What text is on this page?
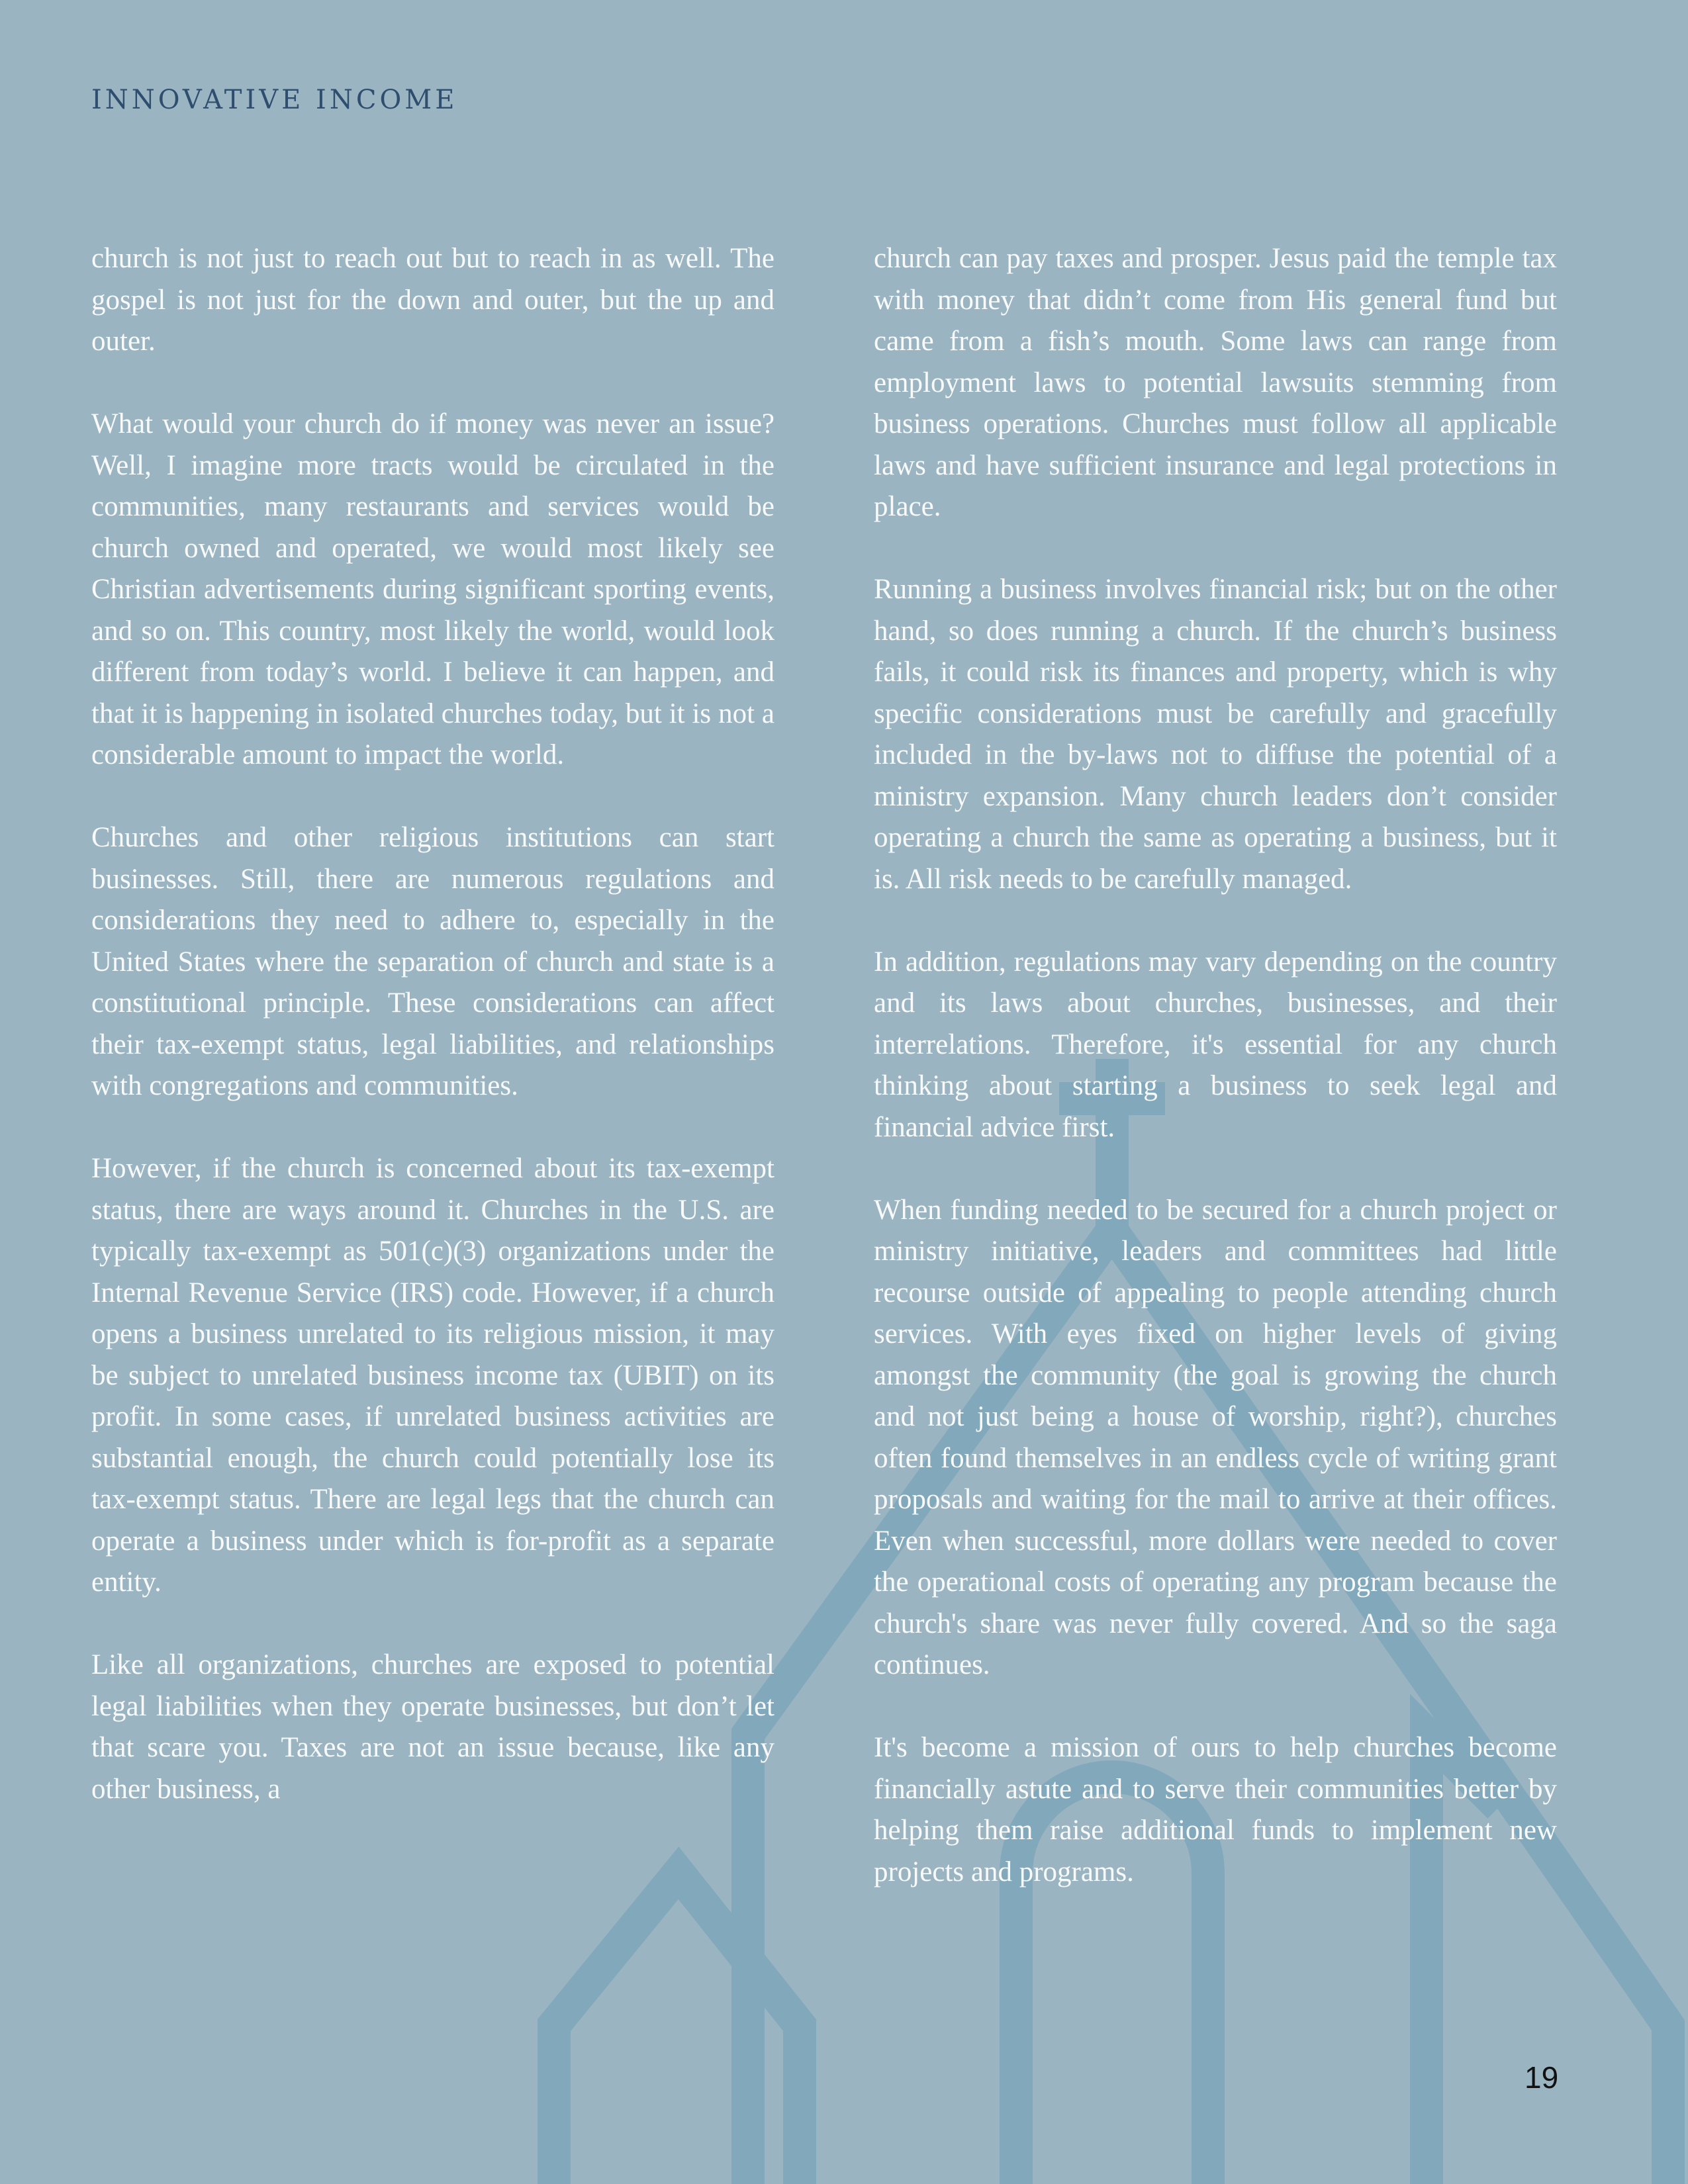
INNOVATIVE INCOME

church is not just to reach out but to reach in as well. The gospel is not just for the down and outer, but the up and outer.

What would your church do if money was never an issue? Well, I imagine more tracts would be circulated in the communities, many restaurants and services would be church owned and operated, we would most likely see Christian advertisements during significant sporting events, and so on. This country, most likely the world, would look different from today’s world. I believe it can happen, and that it is happening in isolated churches today, but it is not a considerable amount to impact the world.

Churches and other religious institutions can start businesses. Still, there are numerous regulations and considerations they need to adhere to, especially in the United States where the separation of church and state is a constitutional principle. These considerations can affect their tax-exempt status, legal liabilities, and relationships with congregations and communities.

However, if the church is concerned about its tax-exempt status, there are ways around it. Churches in the U.S. are typically tax-exempt as 501(c)(3) organizations under the Internal Revenue Service (IRS) code. However, if a church opens a business unrelated to its religious mission, it may be subject to unrelated business income tax (UBIT) on its profit. In some cases, if unrelated business activities are substantial enough, the church could potentially lose its tax-exempt status. There are legal legs that the church can operate a business under which is for-profit as a separate entity.

Like all organizations, churches are exposed to potential legal liabilities when they operate businesses, but don’t let that scare you. Taxes are not an issue because, like any other business, a

church can pay taxes and prosper. Jesus paid the temple tax with money that didn’t come from His general fund but came from a fish’s mouth. Some laws can range from employment laws to potential lawsuits stemming from business operations. Churches must follow all applicable laws and have sufficient insurance and legal protections in place.

Running a business involves financial risk; but on the other hand, so does running a church. If the church’s business fails, it could risk its finances and property, which is why specific considerations must be carefully and gracefully included in the by-laws not to diffuse the potential of a ministry expansion. Many church leaders don’t consider operating a church the same as operating a business, but it is. All risk needs to be carefully managed.

In addition, regulations may vary depending on the country and its laws about churches, businesses, and their interrelations. Therefore, it's essential for any church thinking about starting a business to seek legal and financial advice first.

When funding needed to be secured for a church project or ministry initiative, leaders and committees had little recourse outside of appealing to people attending church services. With eyes fixed on higher levels of giving amongst the community (the goal is growing the church and not just being a house of worship, right?), churches often found themselves in an endless cycle of writing grant proposals and waiting for the mail to arrive at their offices. Even when successful, more dollars were needed to cover the operational costs of operating any program because the church's share was never fully covered. And so the saga continues.

It's become a mission of ours to help churches become financially astute and to serve their communities better by helping them raise additional funds to implement new projects and programs.

19
